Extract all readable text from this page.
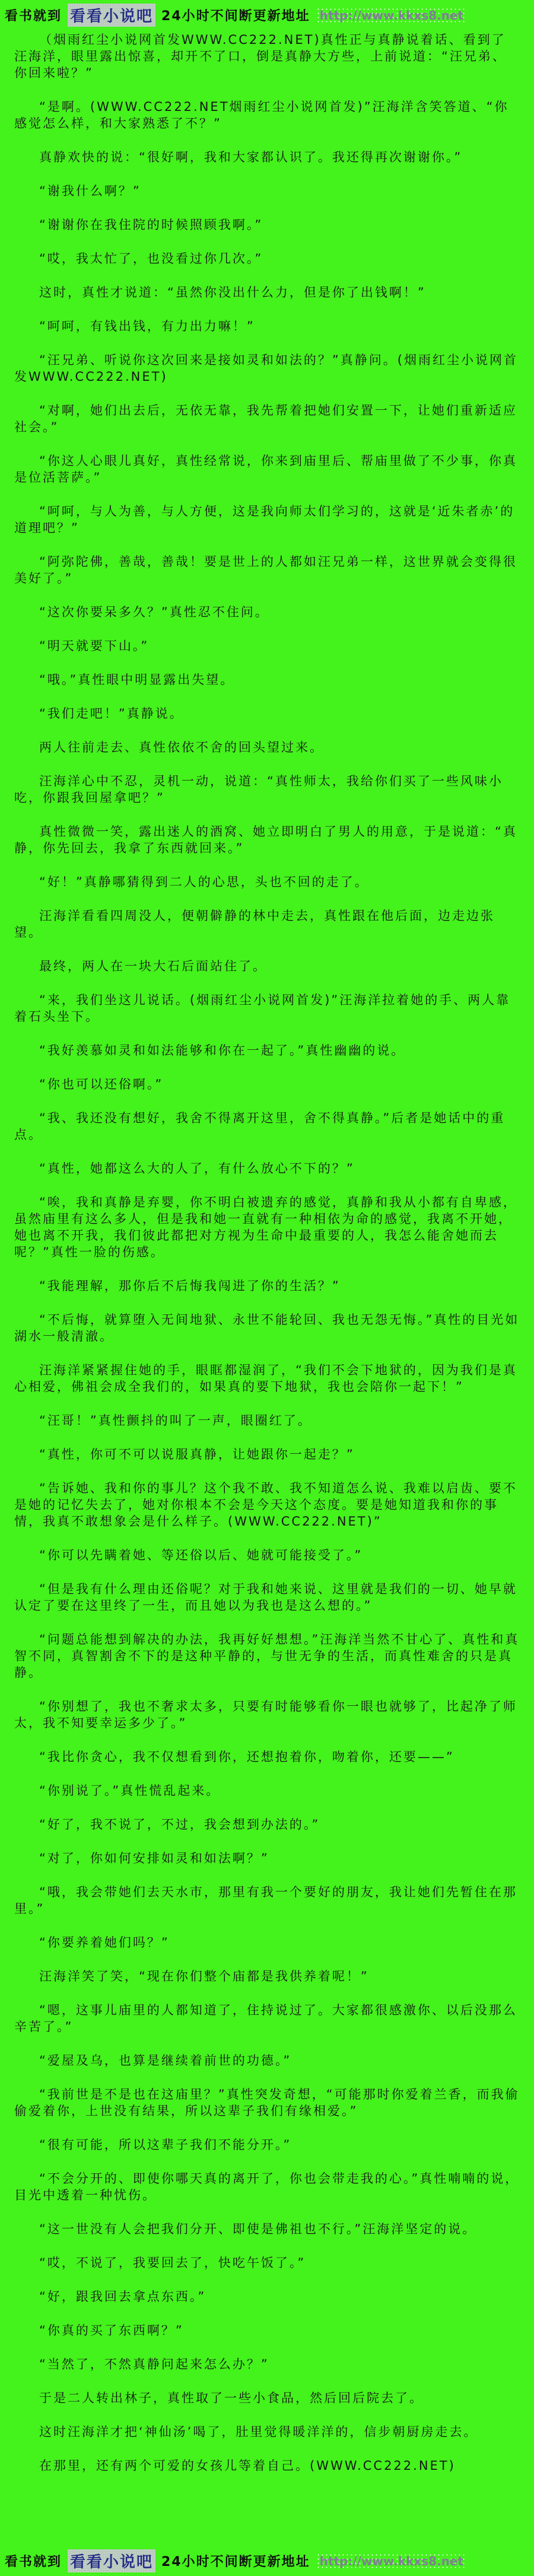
看书就到 看看小说吧 24小时不间断更新地址 http://www.kkxs8.net

（烟雨红尘小说网首发WWW.CC222.NET)真性正与真静说着话、看到了汪海洋，眼里露出惊喜，却开不了口，倒是真静大方些，上前说道：“汪兄弟、你回来啦？”

“是啊。(WWW.CC222.NET烟雨红尘小说网首发)”汪海洋含笑答道、“你感觉怎么样，和大家熟悉了不？”

真静欢快的说：“很好啊，我和大家都认识了。我还得再次谢谢你。”

“谢我什么啊？”

“谢谢你在我住院的时候照顾我啊。”

“哎，我太忙了，也没看过你几次。”

这时，真性才说道：“虽然你没出什么力，但是你了出钱啊！”

“呵呵，有钱出钱，有力出力嘛！”

“汪兄弟、听说你这次回来是接如灵和如法的？”真静问。(烟雨红尘小说网首发WWW.CC222.NET)

“对啊，她们出去后，无依无靠，我先帮着把她们安置一下，让她们重新适应社会。”

“你这人心眼儿真好，真性经常说，你来到庙里后、帮庙里做了不少事，你真是位活菩萨。”

“呵呵，与人为善，与人方便，这是我向师太们学习的，这就是‘近朱者赤’的道理吧？”

“阿弥陀佛，善哉，善哉！要是世上的人都如汪兄弟一样，这世界就会变得很美好了。”

“这次你要呆多久？”真性忍不住问。

“明天就要下山。”

“哦。”真性眼中明显露出失望。

“我们走吧！”真静说。

两人往前走去、真性依依不舍的回头望过来。

汪海洋心中不忍，灵机一动，说道：“真性师太，我给你们买了一些风味小吃，你跟我回屋拿吧？”

真性微微一笑，露出迷人的酒窝、她立即明白了男人的用意，于是说道：“真静，你先回去，我拿了东西就回来。”

“好！”真静哪猜得到二人的心思，头也不回的走了。

汪海洋看看四周没人，便朝僻静的林中走去，真性跟在他后面，边走边张望。

最终，两人在一块大石后面站住了。

“来，我们坐这儿说话。(烟雨红尘小说网首发)”汪海洋拉着她的手、两人靠着石头坐下。

“我好羡慕如灵和如法能够和你在一起了。”真性幽幽的说。

“你也可以还俗啊。”

“我、我还没有想好，我舍不得离开这里，舍不得真静。”后者是她话中的重点。

“真性，她都这么大的人了，有什么放心不下的？”

“唉，我和真静是弃婴，你不明白被遗弃的感觉，真静和我从小都有自卑感，虽然庙里有这么多人，但是我和她一直就有一种相依为命的感觉，我离不开她，她也离不开我，我们彼此都把对方视为生命中最重要的人，我怎么能舍她而去呢？”真性一脸的伤感。

“我能理解，那你后不后悔我闯进了你的生活？”

“不后悔，就算堕入无间地狱、永世不能轮回、我也无怨无悔。”真性的目光如湖水一般清澈。

汪海洋紧紧握住她的手，眼眶都湿润了，“我们不会下地狱的，因为我们是真心相爱，佛祖会成全我们的，如果真的要下地狱，我也会陪你一起下！”

“汪哥！”真性颤抖的叫了一声，眼圈红了。

“真性，你可不可以说服真静，让她跟你一起走？”

“告诉她、我和你的事儿？这个我不敢、我不知道怎么说、我难以启齿、要不是她的记忆失去了，她对你根本不会是今天这个态度。要是她知道我和你的事情，我真不敢想象会是什么样子。(WWW.CC222.NET)”

“你可以先瞒着她、等还俗以后、她就可能接受了。”

“但是我有什么理由还俗呢？对于我和她来说、这里就是我们的一切、她早就认定了要在这里终了一生，而且她以为我也是这么想的。”

“问题总能想到解决的办法，我再好好想想。”汪海洋当然不甘心了、真性和真智不同，真智割舍不下的是这种平静的，与世无争的生活，而真性难舍的只是真静。

“你别想了，我也不奢求太多，只要有时能够看你一眼也就够了，比起净了师太，我不知要幸运多少了。”

“我比你贪心，我不仅想看到你，还想抱着你，吻着你，还要——”

“你别说了。”真性慌乱起来。

“好了，我不说了，不过，我会想到办法的。”

“对了，你如何安排如灵和如法啊？”

“哦，我会带她们去天水市，那里有我一个要好的朋友，我让她们先暂住在那里。”

“你要养着她们吗？”

汪海洋笑了笑，“现在你们整个庙都是我供养着呢！”

“嗯，这事儿庙里的人都知道了，住持说过了。大家都很感激你、以后没那么辛苦了。”

“爱屋及乌，也算是继续着前世的功德。”

“我前世是不是也在这庙里？”真性突发奇想，“可能那时你爱着兰香，而我偷偷爱着你，上世没有结果，所以这辈子我们有缘相爱。”

“很有可能，所以这辈子我们不能分开。”

“不会分开的、即使你哪天真的离开了，你也会带走我的心。”真性喃喃的说，目光中透着一种忧伤。

“这一世没有人会把我们分开、即使是佛祖也不行。”汪海洋坚定的说。

“哎，不说了，我要回去了，快吃午饭了。”

“好，跟我回去拿点东西。”

“你真的买了东西啊？”

“当然了，不然真静问起来怎么办？”

于是二人转出林子，真性取了一些小食品，然后回后院去了。

这时汪海洋才把‘神仙汤’喝了，肚里觉得暖洋洋的，信步朝厨房走去。

在那里，还有两个可爱的女孩儿等着自己。(WWW.CC222.NET)

看书就到 看看小说吧 24小时不间断更新地址 http://www.kkxs8.net
